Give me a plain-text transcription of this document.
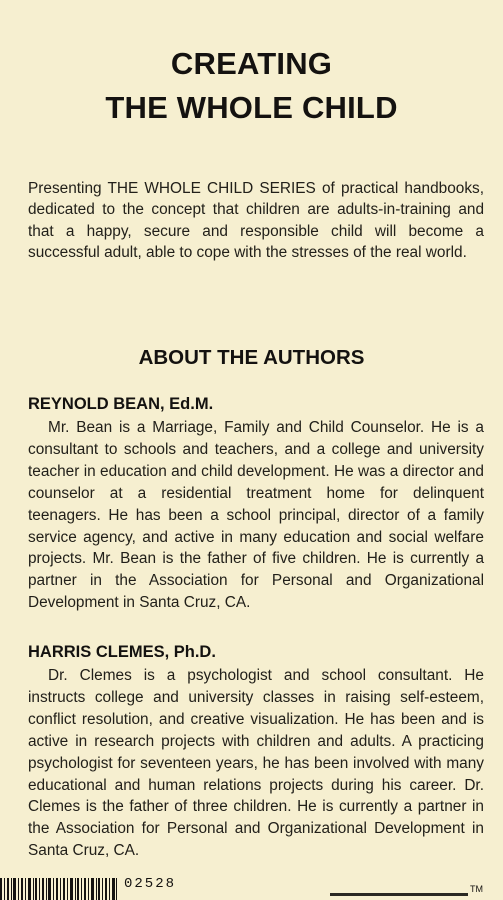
CREATING
THE WHOLE CHILD
Presenting THE WHOLE CHILD SERIES of practical handbooks, dedicated to the concept that children are adults-in-training and that a happy, secure and responsible child will become a successful adult, able to cope with the stresses of the real world.
ABOUT THE AUTHORS
REYNOLD BEAN, Ed.M.
Mr. Bean is a Marriage, Family and Child Counselor. He is a consultant to schools and teachers, and a college and university teacher in education and child development. He was a director and counselor at a residential treatment home for delinquent teenagers. He has been a school principal, director of a family service agency, and active in many education and social welfare projects. Mr. Bean is the father of five children. He is currently a partner in the Association for Personal and Organizational Development in Santa Cruz, CA.
HARRIS CLEMES, Ph.D.
Dr. Clemes is a psychologist and school consultant. He instructs college and university classes in raising self-esteem, conflict resolution, and creative visualization. He has been and is active in research projects with children and adults. A practicing psychologist for seventeen years, he has been involved with many educational and human relations projects during his career. Dr. Clemes is the father of three children. He is currently a partner in the Association for Personal and Organizational Development in Santa Cruz, CA.
02528	TM
